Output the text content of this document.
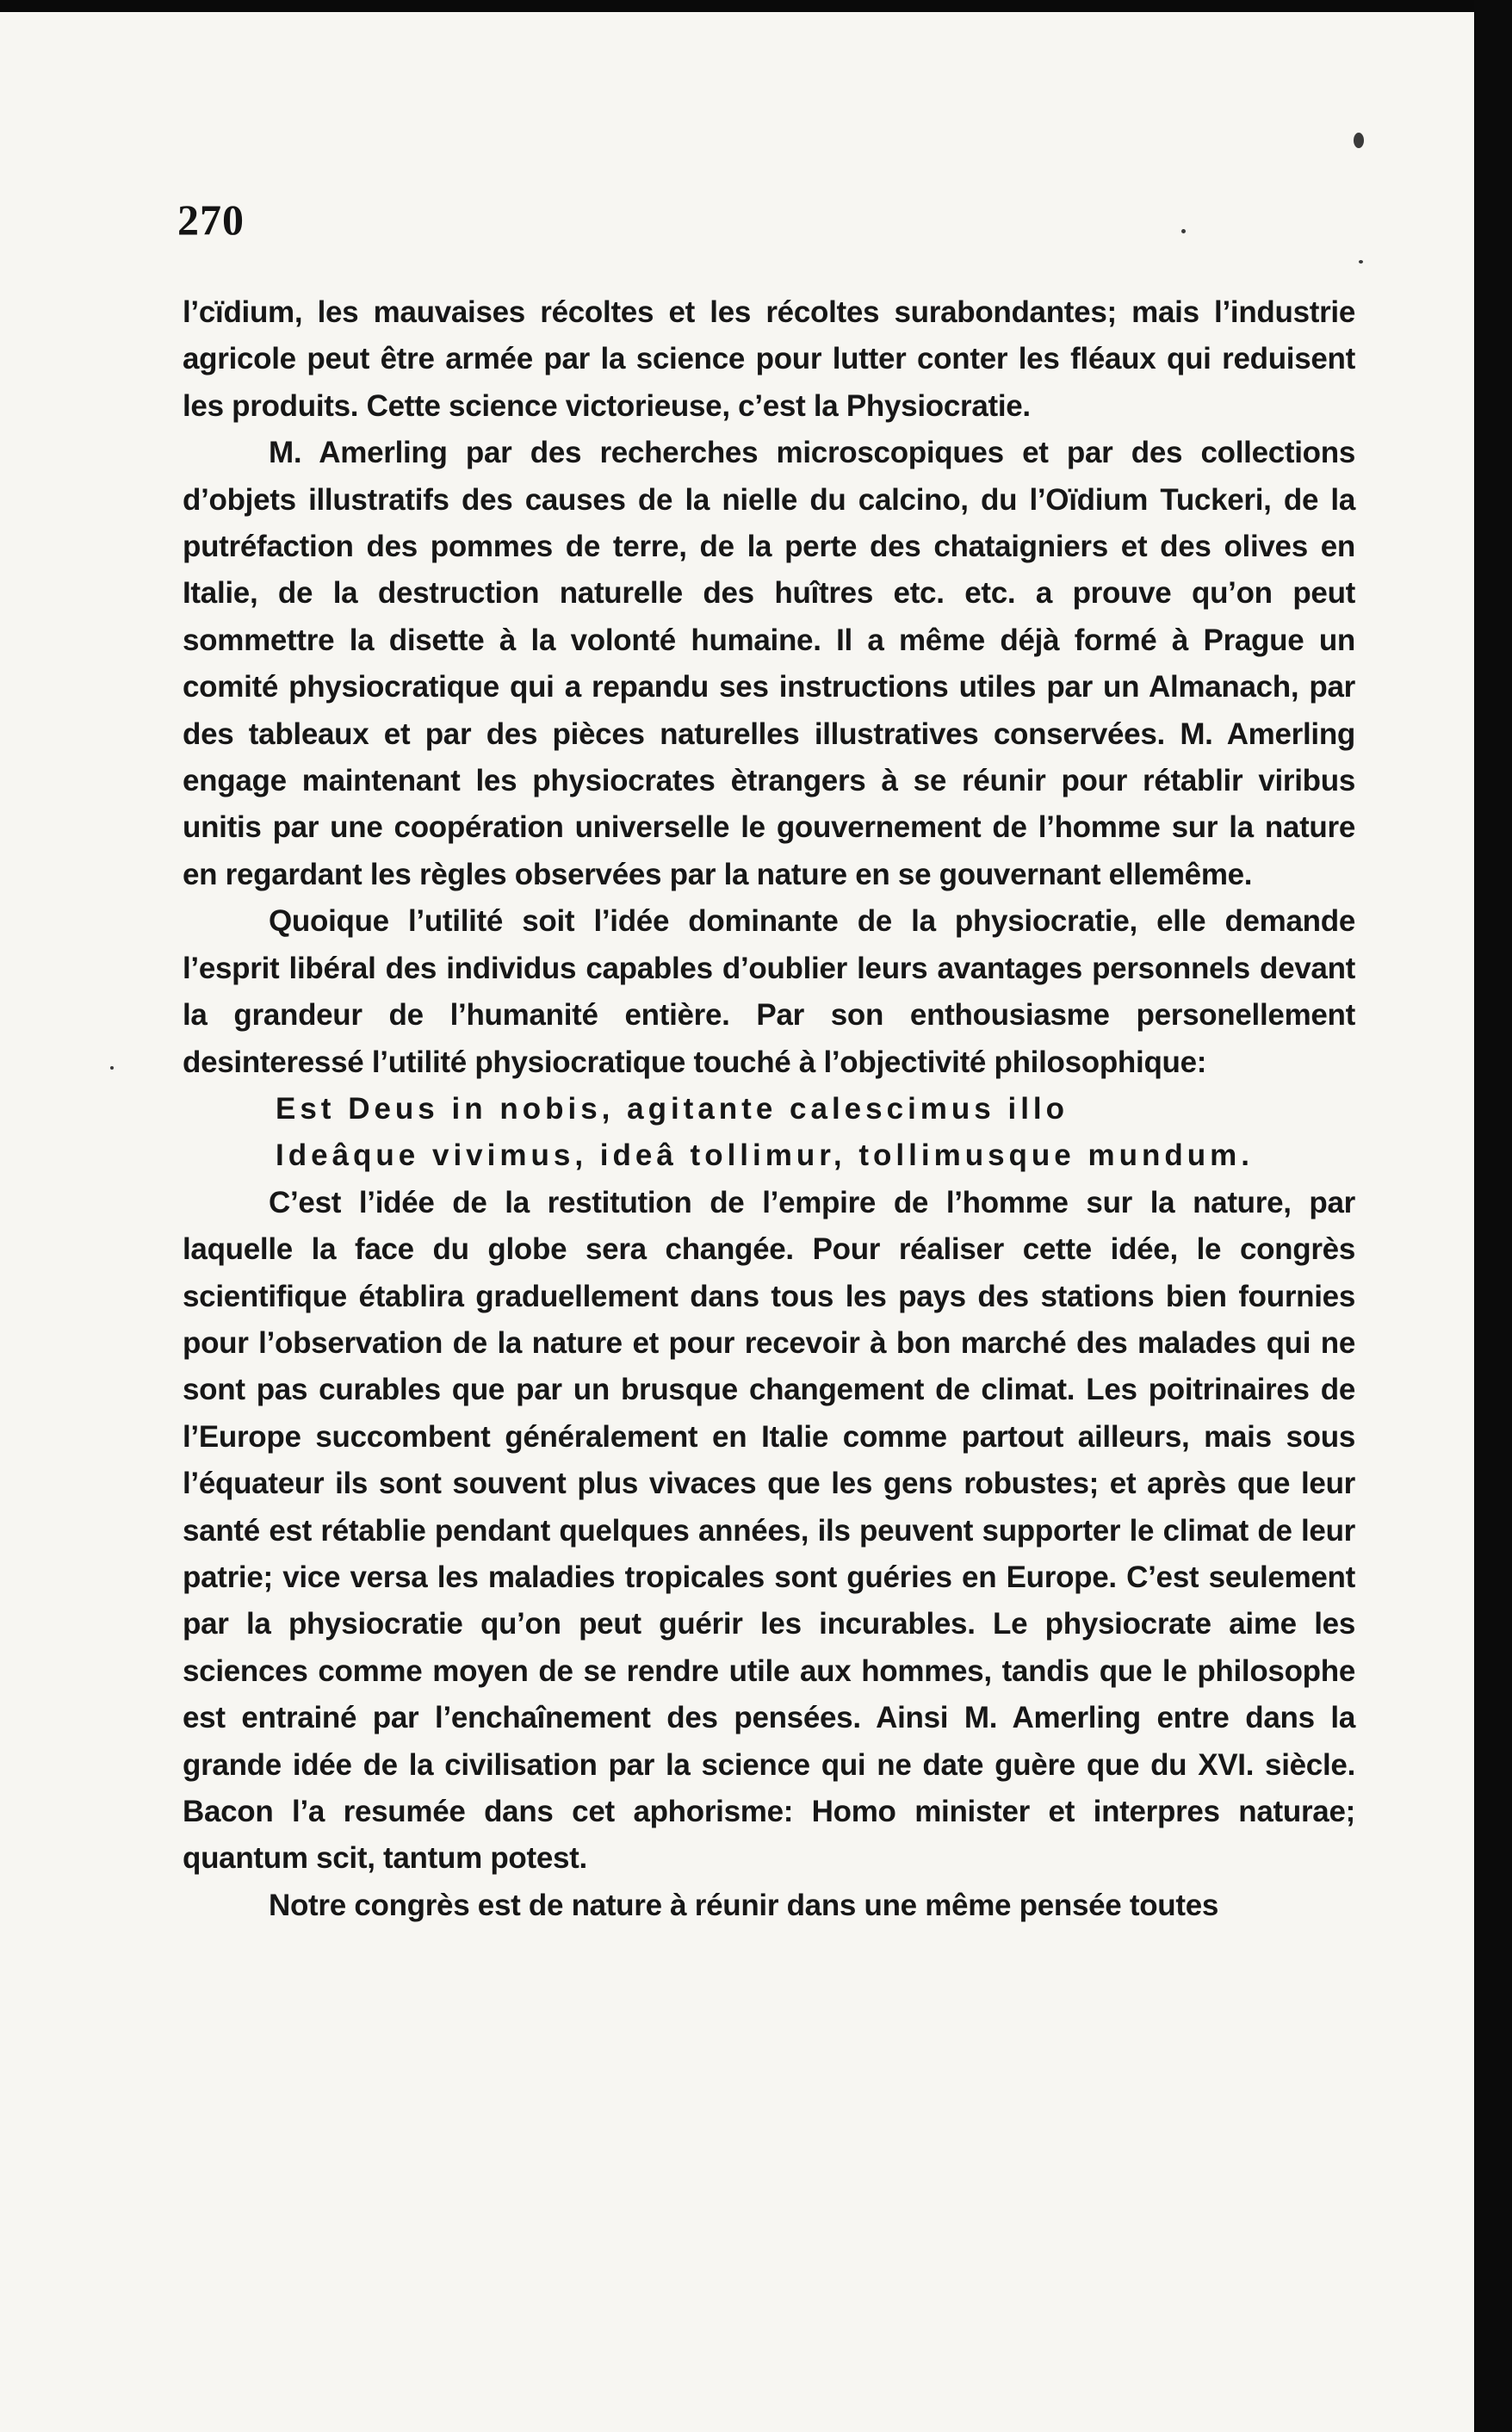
270

l’cïdium, les mauvaises récoltes et les récoltes surabondantes; mais l’industrie agricole peut être armée par la science pour lutter conter les fléaux qui reduisent les produits. Cette science victorieuse, c’est la Physiocratie.

M. Amerling par des recherches microscopiques et par des collections d’objets illustratifs des causes de la nielle du calcino, du l’Oïdium Tuckeri, de la putréfaction des pommes de terre, de la perte des chataigniers et des olives en Italie, de la destruction naturelle des huîtres etc. etc. a prouve qu’on peut sommettre la disette à la volonté humaine. Il a même déjà formé à Prague un comité physiocratique qui a repandu ses instructions utiles par un Almanach, par des tableaux et par des pièces naturelles illustratives conservées. M. Amerling engage maintenant les physiocrates ètrangers à se réunir pour rétablir viribus unitis par une coopération universelle le gouvernement de l’homme sur la nature en regardant les règles observées par la nature en se gouvernant ellemême.

Quoique l’utilité soit l’idée dominante de la physiocratie, elle demande l’esprit libéral des individus capables d’oublier leurs avantages personnels devant la grandeur de l’humanité entière. Par son enthousiasme personellement desinteressé l’utilité physiocratique touché à l’objectivité philosophique:

Est Deus in nobis, agitante calescimus illo

Ideâque vivimus, ideâ tollimur, tollimusque mundum.

C’est l’idée de la restitution de l’empire de l’homme sur la nature, par laquelle la face du globe sera changée. Pour réaliser cette idée, le congrès scientifique établira graduellement dans tous les pays des stations bien fournies pour l’observation de la nature et pour recevoir à bon marché des malades qui ne sont pas curables que par un brusque changement de climat. Les poitrinaires de l’Europe succombent généralement en Italie comme partout ailleurs, mais sous l’équateur ils sont souvent plus vivaces que les gens robustes; et après que leur santé est rétablie pendant quelques années, ils peuvent supporter le climat de leur patrie; vice versa les maladies tropicales sont guéries en Europe. C’est seulement par la physiocratie qu’on peut guérir les incurables. Le physiocrate aime les sciences comme moyen de se rendre utile aux hommes, tandis que le philosophe est entrainé par l’enchaînement des pensées. Ainsi M. Amerling entre dans la grande idée de la civilisation par la science qui ne date guère que du XVI. siècle. Bacon l’a resumée dans cet aphorisme: Homo minister et interpres naturae; quantum scit, tantum potest.

Notre congrès est de nature à réunir dans une même pensée toutes
